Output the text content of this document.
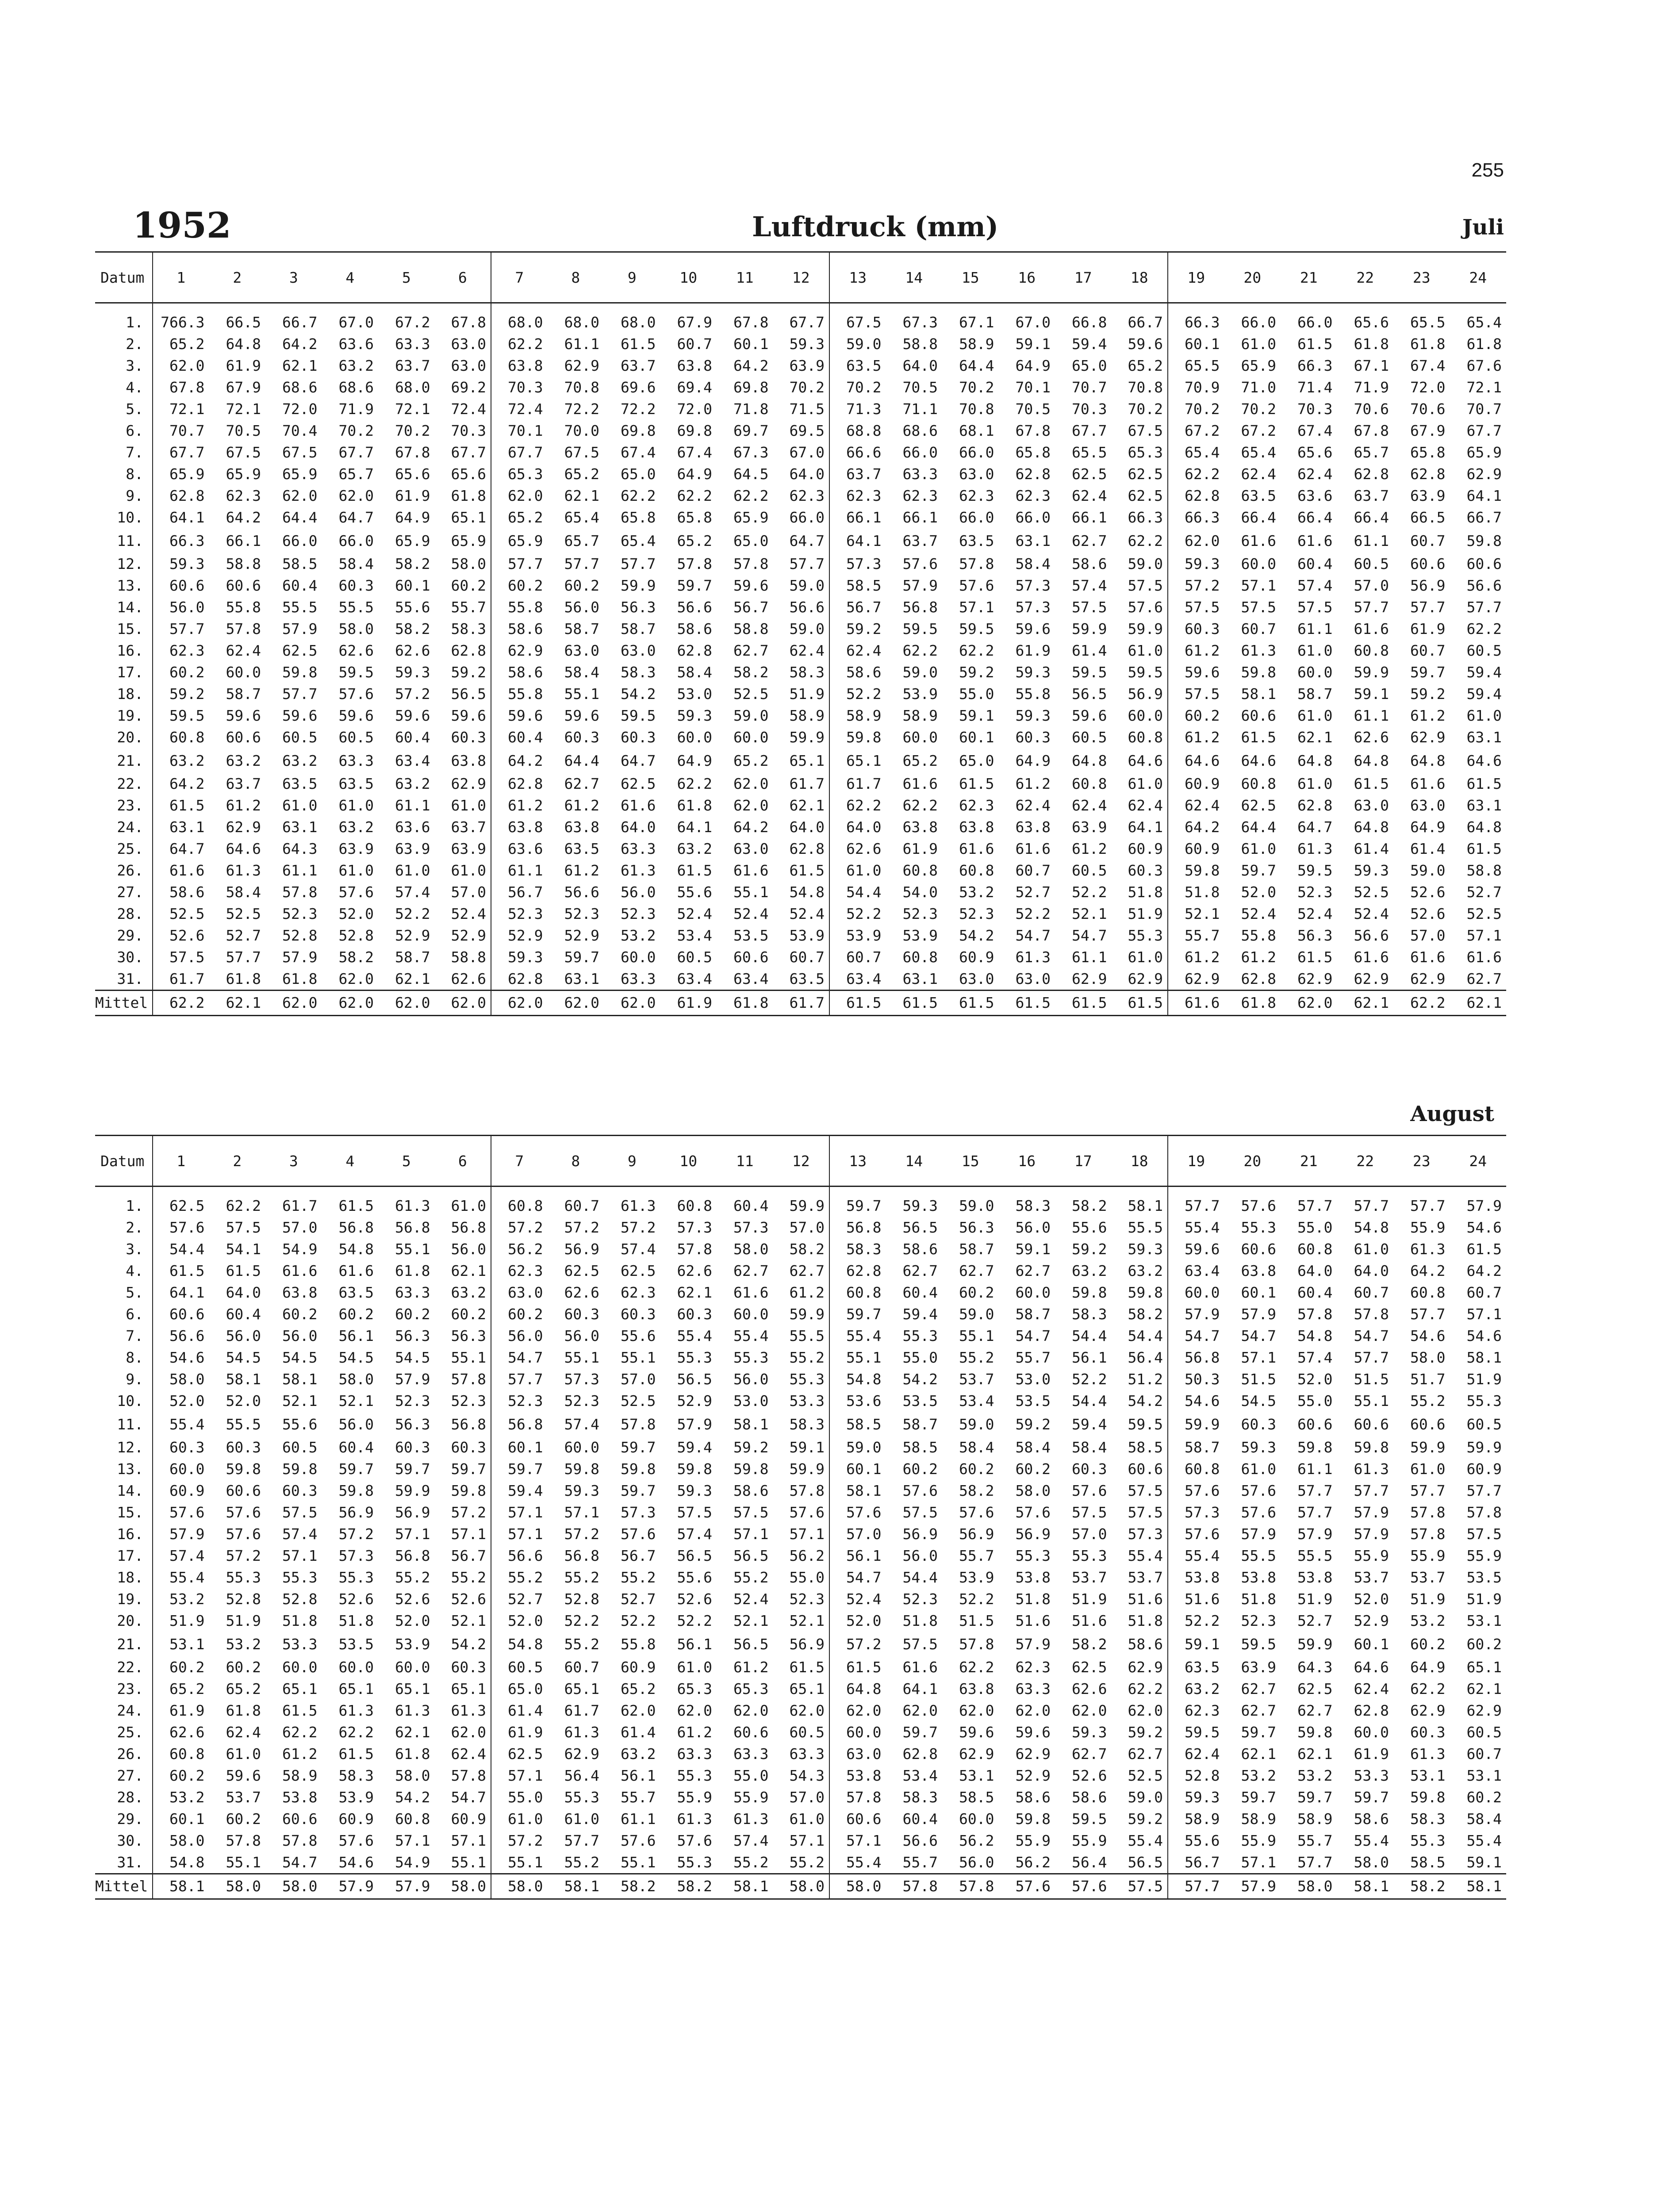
255
1952	Luftdruck (mm)	Juli
August
Datum	1	2	3	4	5	6	7	8	9	10	11	12	13	14	15	16	17	18	19	20	21	22	23	24
1.	766.3	66.5	66.7	67.0	67.2	67.8	68.0	68.0	68.0	67.9	67.8	67.7	67.5	67.3	67.1	67.0	66.8	66.7	66.3	66.0	66.0	65.6	65.5	65.4
2.	65.2	64.8	64.2	63.6	63.3	63.0	62.2	61.1	61.5	60.7	60.1	59.3	59.0	58.8	58.9	59.1	59.4	59.6	60.1	61.0	61.5	61.8	61.8	61.8
3.	62.0	61.9	62.1	63.2	63.7	63.0	63.8	62.9	63.7	63.8	64.2	63.9	63.5	64.0	64.4	64.9	65.0	65.2	65.5	65.9	66.3	67.1	67.4	67.6
4.	67.8	67.9	68.6	68.6	68.0	69.2	70.3	70.8	69.6	69.4	69.8	70.2	70.2	70.5	70.2	70.1	70.7	70.8	70.9	71.0	71.4	71.9	72.0	72.1
5.	72.1	72.1	72.0	71.9	72.1	72.4	72.4	72.2	72.2	72.0	71.8	71.5	71.3	71.1	70.8	70.5	70.3	70.2	70.2	70.2	70.3	70.6	70.6	70.7
6.	70.7	70.5	70.4	70.2	70.2	70.3	70.1	70.0	69.8	69.8	69.7	69.5	68.8	68.6	68.1	67.8	67.7	67.5	67.2	67.2	67.4	67.8	67.9	67.7
7.	67.7	67.5	67.5	67.7	67.8	67.7	67.7	67.5	67.4	67.4	67.3	67.0	66.6	66.0	66.0	65.8	65.5	65.3	65.4	65.4	65.6	65.7	65.8	65.9
8.	65.9	65.9	65.9	65.7	65.6	65.6	65.3	65.2	65.0	64.9	64.5	64.0	63.7	63.3	63.0	62.8	62.5	62.5	62.2	62.4	62.4	62.8	62.8	62.9
9.	62.8	62.3	62.0	62.0	61.9	61.8	62.0	62.1	62.2	62.2	62.2	62.3	62.3	62.3	62.3	62.3	62.4	62.5	62.8	63.5	63.6	63.7	63.9	64.1
10.	64.1	64.2	64.4	64.7	64.9	65.1	65.2	65.4	65.8	65.8	65.9	66.0	66.1	66.1	66.0	66.0	66.1	66.3	66.3	66.4	66.4	66.4	66.5	66.7
11.	66.3	66.1	66.0	66.0	65.9	65.9	65.9	65.7	65.4	65.2	65.0	64.7	64.1	63.7	63.5	63.1	62.7	62.2	62.0	61.6	61.6	61.1	60.7	59.8
12.	59.3	58.8	58.5	58.4	58.2	58.0	57.7	57.7	57.7	57.8	57.8	57.7	57.3	57.6	57.8	58.4	58.6	59.0	59.3	60.0	60.4	60.5	60.6	60.6
13.	60.6	60.6	60.4	60.3	60.1	60.2	60.2	60.2	59.9	59.7	59.6	59.0	58.5	57.9	57.6	57.3	57.4	57.5	57.2	57.1	57.4	57.0	56.9	56.6
14.	56.0	55.8	55.5	55.5	55.6	55.7	55.8	56.0	56.3	56.6	56.7	56.6	56.7	56.8	57.1	57.3	57.5	57.6	57.5	57.5	57.5	57.7	57.7	57.7
15.	57.7	57.8	57.9	58.0	58.2	58.3	58.6	58.7	58.7	58.6	58.8	59.0	59.2	59.5	59.5	59.6	59.9	59.9	60.3	60.7	61.1	61.6	61.9	62.2
16.	62.3	62.4	62.5	62.6	62.6	62.8	62.9	63.0	63.0	62.8	62.7	62.4	62.4	62.2	62.2	61.9	61.4	61.0	61.2	61.3	61.0	60.8	60.7	60.5
17.	60.2	60.0	59.8	59.5	59.3	59.2	58.6	58.4	58.3	58.4	58.2	58.3	58.6	59.0	59.2	59.3	59.5	59.5	59.6	59.8	60.0	59.9	59.7	59.4
18.	59.2	58.7	57.7	57.6	57.2	56.5	55.8	55.1	54.2	53.0	52.5	51.9	52.2	53.9	55.0	55.8	56.5	56.9	57.5	58.1	58.7	59.1	59.2	59.4
19.	59.5	59.6	59.6	59.6	59.6	59.6	59.6	59.6	59.5	59.3	59.0	58.9	58.9	58.9	59.1	59.3	59.6	60.0	60.2	60.6	61.0	61.1	61.2	61.0
20.	60.8	60.6	60.5	60.5	60.4	60.3	60.4	60.3	60.3	60.0	60.0	59.9	59.8	60.0	60.1	60.3	60.5	60.8	61.2	61.5	62.1	62.6	62.9	63.1
21.	63.2	63.2	63.2	63.3	63.4	63.8	64.2	64.4	64.7	64.9	65.2	65.1	65.1	65.2	65.0	64.9	64.8	64.6	64.6	64.6	64.8	64.8	64.8	64.6
22.	64.2	63.7	63.5	63.5	63.2	62.9	62.8	62.7	62.5	62.2	62.0	61.7	61.7	61.6	61.5	61.2	60.8	61.0	60.9	60.8	61.0	61.5	61.6	61.5
23.	61.5	61.2	61.0	61.0	61.1	61.0	61.2	61.2	61.6	61.8	62.0	62.1	62.2	62.2	62.3	62.4	62.4	62.4	62.4	62.5	62.8	63.0	63.0	63.1
24.	63.1	62.9	63.1	63.2	63.6	63.7	63.8	63.8	64.0	64.1	64.2	64.0	64.0	63.8	63.8	63.8	63.9	64.1	64.2	64.4	64.7	64.8	64.9	64.8
25.	64.7	64.6	64.3	63.9	63.9	63.9	63.6	63.5	63.3	63.2	63.0	62.8	62.6	61.9	61.6	61.6	61.2	60.9	60.9	61.0	61.3	61.4	61.4	61.5
26.	61.6	61.3	61.1	61.0	61.0	61.0	61.1	61.2	61.3	61.5	61.6	61.5	61.0	60.8	60.8	60.7	60.5	60.3	59.8	59.7	59.5	59.3	59.0	58.8
27.	58.6	58.4	57.8	57.6	57.4	57.0	56.7	56.6	56.0	55.6	55.1	54.8	54.4	54.0	53.2	52.7	52.2	51.8	51.8	52.0	52.3	52.5	52.6	52.7
28.	52.5	52.5	52.3	52.0	52.2	52.4	52.3	52.3	52.3	52.4	52.4	52.4	52.2	52.3	52.3	52.2	52.1	51.9	52.1	52.4	52.4	52.4	52.6	52.5
29.	52.6	52.7	52.8	52.8	52.9	52.9	52.9	52.9	53.2	53.4	53.5	53.9	53.9	53.9	54.2	54.7	54.7	55.3	55.7	55.8	56.3	56.6	57.0	57.1
30.	57.5	57.7	57.9	58.2	58.7	58.8	59.3	59.7	60.0	60.5	60.6	60.7	60.7	60.8	60.9	61.3	61.1	61.0	61.2	61.2	61.5	61.6	61.6	61.6
31.	61.7	61.8	61.8	62.0	62.1	62.6	62.8	63.1	63.3	63.4	63.4	63.5	63.4	63.1	63.0	63.0	62.9	62.9	62.9	62.8	62.9	62.9	62.9	62.7
Mittel	62.2	62.1	62.0	62.0	62.0	62.0	62.0	62.0	62.0	61.9	61.8	61.7	61.5	61.5	61.5	61.5	61.5	61.5	61.6	61.8	62.0	62.1	62.2	62.1
Datum	1	2	3	4	5	6	7	8	9	10	11	12	13	14	15	16	17	18	19	20	21	22	23	24
1.	62.5	62.2	61.7	61.5	61.3	61.0	60.8	60.7	61.3	60.8	60.4	59.9	59.7	59.3	59.0	58.3	58.2	58.1	57.7	57.6	57.7	57.7	57.7	57.9
2.	57.6	57.5	57.0	56.8	56.8	56.8	57.2	57.2	57.2	57.3	57.3	57.0	56.8	56.5	56.3	56.0	55.6	55.5	55.4	55.3	55.0	54.8	55.9	54.6
3.	54.4	54.1	54.9	54.8	55.1	56.0	56.2	56.9	57.4	57.8	58.0	58.2	58.3	58.6	58.7	59.1	59.2	59.3	59.6	60.6	60.8	61.0	61.3	61.5
4.	61.5	61.5	61.6	61.6	61.8	62.1	62.3	62.5	62.5	62.6	62.7	62.7	62.8	62.7	62.7	62.7	63.2	63.2	63.4	63.8	64.0	64.0	64.2	64.2
5.	64.1	64.0	63.8	63.5	63.3	63.2	63.0	62.6	62.3	62.1	61.6	61.2	60.8	60.4	60.2	60.0	59.8	59.8	60.0	60.1	60.4	60.7	60.8	60.7
6.	60.6	60.4	60.2	60.2	60.2	60.2	60.2	60.3	60.3	60.3	60.0	59.9	59.7	59.4	59.0	58.7	58.3	58.2	57.9	57.9	57.8	57.8	57.7	57.1
7.	56.6	56.0	56.0	56.1	56.3	56.3	56.0	56.0	55.6	55.4	55.4	55.5	55.4	55.3	55.1	54.7	54.4	54.4	54.7	54.7	54.8	54.7	54.6	54.6
8.	54.6	54.5	54.5	54.5	54.5	55.1	54.7	55.1	55.1	55.3	55.3	55.2	55.1	55.0	55.2	55.7	56.1	56.4	56.8	57.1	57.4	57.7	58.0	58.1
9.	58.0	58.1	58.1	58.0	57.9	57.8	57.7	57.3	57.0	56.5	56.0	55.3	54.8	54.2	53.7	53.0	52.2	51.2	50.3	51.5	52.0	51.5	51.7	51.9
10.	52.0	52.0	52.1	52.1	52.3	52.3	52.3	52.3	52.5	52.9	53.0	53.3	53.6	53.5	53.4	53.5	54.4	54.2	54.6	54.5	55.0	55.1	55.2	55.3
11.	55.4	55.5	55.6	56.0	56.3	56.8	56.8	57.4	57.8	57.9	58.1	58.3	58.5	58.7	59.0	59.2	59.4	59.5	59.9	60.3	60.6	60.6	60.6	60.5
12.	60.3	60.3	60.5	60.4	60.3	60.3	60.1	60.0	59.7	59.4	59.2	59.1	59.0	58.5	58.4	58.4	58.4	58.5	58.7	59.3	59.8	59.8	59.9	59.9
13.	60.0	59.8	59.8	59.7	59.7	59.7	59.7	59.8	59.8	59.8	59.8	59.9	60.1	60.2	60.2	60.2	60.3	60.6	60.8	61.0	61.1	61.3	61.0	60.9
14.	60.9	60.6	60.3	59.8	59.9	59.8	59.4	59.3	59.7	59.3	58.6	57.8	58.1	57.6	58.2	58.0	57.6	57.5	57.6	57.6	57.7	57.7	57.7	57.7
15.	57.6	57.6	57.5	56.9	56.9	57.2	57.1	57.1	57.3	57.5	57.5	57.6	57.6	57.5	57.6	57.6	57.5	57.5	57.3	57.6	57.7	57.9	57.8	57.8
16.	57.9	57.6	57.4	57.2	57.1	57.1	57.1	57.2	57.6	57.4	57.1	57.1	57.0	56.9	56.9	56.9	57.0	57.3	57.6	57.9	57.9	57.9	57.8	57.5
17.	57.4	57.2	57.1	57.3	56.8	56.7	56.6	56.8	56.7	56.5	56.5	56.2	56.1	56.0	55.7	55.3	55.3	55.4	55.4	55.5	55.5	55.9	55.9	55.9
18.	55.4	55.3	55.3	55.3	55.2	55.2	55.2	55.2	55.2	55.6	55.2	55.0	54.7	54.4	53.9	53.8	53.7	53.7	53.8	53.8	53.8	53.7	53.7	53.5
19.	53.2	52.8	52.8	52.6	52.6	52.6	52.7	52.8	52.7	52.6	52.4	52.3	52.4	52.3	52.2	51.8	51.9	51.6	51.6	51.8	51.9	52.0	51.9	51.9
20.	51.9	51.9	51.8	51.8	52.0	52.1	52.0	52.2	52.2	52.2	52.1	52.1	52.0	51.8	51.5	51.6	51.6	51.8	52.2	52.3	52.7	52.9	53.2	53.1
21.	53.1	53.2	53.3	53.5	53.9	54.2	54.8	55.2	55.8	56.1	56.5	56.9	57.2	57.5	57.8	57.9	58.2	58.6	59.1	59.5	59.9	60.1	60.2	60.2
22.	60.2	60.2	60.0	60.0	60.0	60.3	60.5	60.7	60.9	61.0	61.2	61.5	61.5	61.6	62.2	62.3	62.5	62.9	63.5	63.9	64.3	64.6	64.9	65.1
23.	65.2	65.2	65.1	65.1	65.1	65.1	65.0	65.1	65.2	65.3	65.3	65.1	64.8	64.1	63.8	63.3	62.6	62.2	63.2	62.7	62.5	62.4	62.2	62.1
24.	61.9	61.8	61.5	61.3	61.3	61.3	61.4	61.7	62.0	62.0	62.0	62.0	62.0	62.0	62.0	62.0	62.0	62.0	62.3	62.7	62.7	62.8	62.9	62.9
25.	62.6	62.4	62.2	62.2	62.1	62.0	61.9	61.3	61.4	61.2	60.6	60.5	60.0	59.7	59.6	59.6	59.3	59.2	59.5	59.7	59.8	60.0	60.3	60.5
26.	60.8	61.0	61.2	61.5	61.8	62.4	62.5	62.9	63.2	63.3	63.3	63.3	63.0	62.8	62.9	62.9	62.7	62.7	62.4	62.1	62.1	61.9	61.3	60.7
27.	60.2	59.6	58.9	58.3	58.0	57.8	57.1	56.4	56.1	55.3	55.0	54.3	53.8	53.4	53.1	52.9	52.6	52.5	52.8	53.2	53.2	53.3	53.1	53.1
28.	53.2	53.7	53.8	53.9	54.2	54.7	55.0	55.3	55.7	55.9	55.9	57.0	57.8	58.3	58.5	58.6	58.6	59.0	59.3	59.7	59.7	59.7	59.8	60.2
29.	60.1	60.2	60.6	60.9	60.8	60.9	61.0	61.0	61.1	61.3	61.3	61.0	60.6	60.4	60.0	59.8	59.5	59.2	58.9	58.9	58.9	58.6	58.3	58.4
30.	58.0	57.8	57.8	57.6	57.1	57.1	57.2	57.7	57.6	57.6	57.4	57.1	57.1	56.6	56.2	55.9	55.9	55.4	55.6	55.9	55.7	55.4	55.3	55.4
31.	54.8	55.1	54.7	54.6	54.9	55.1	55.1	55.2	55.1	55.3	55.2	55.2	55.4	55.7	56.0	56.2	56.4	56.5	56.7	57.1	57.7	58.0	58.5	59.1
Mittel	58.1	58.0	58.0	57.9	57.9	58.0	58.0	58.1	58.2	58.2	58.1	58.0	58.0	57.8	57.8	57.6	57.6	57.5	57.7	57.9	58.0	58.1	58.2	58.1
